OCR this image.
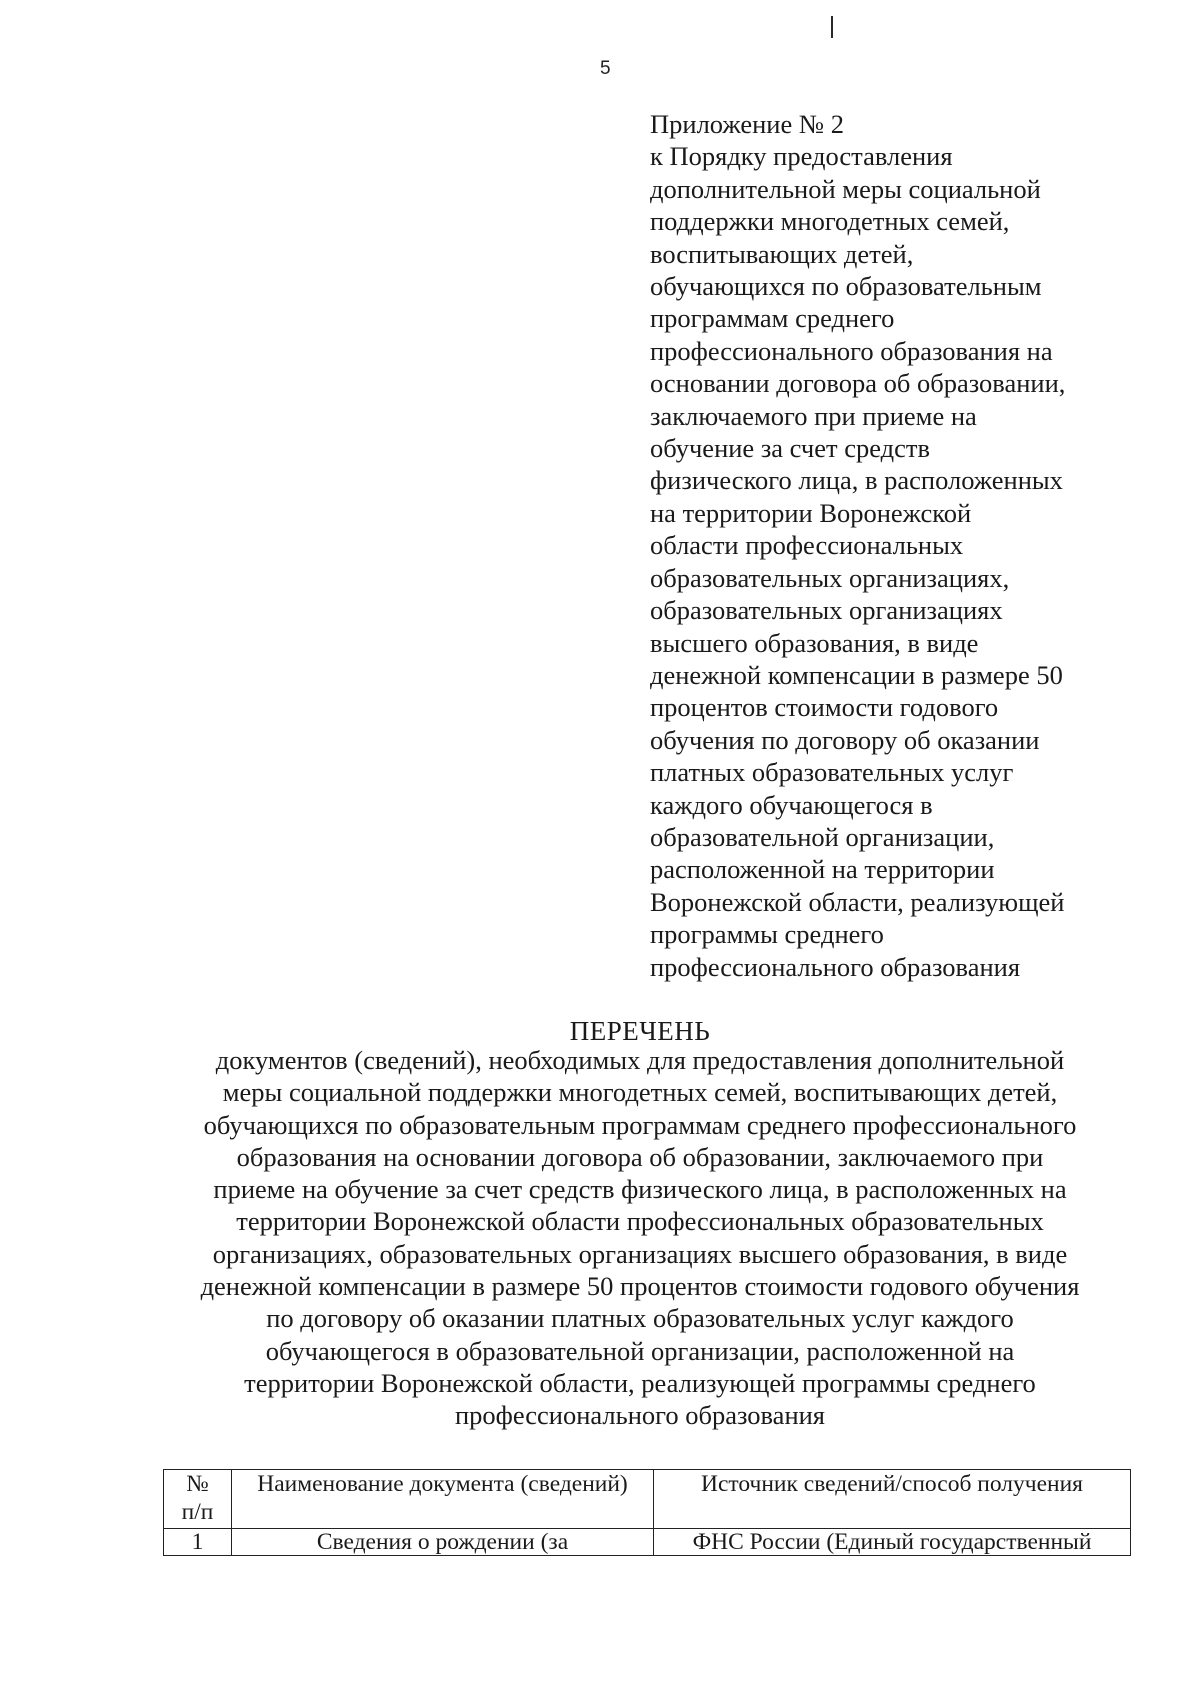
5
Приложение № 2
к Порядку предоставления
дополнительной меры социальной
поддержки многодетных семей,
воспитывающих детей,
обучающихся по образовательным
программам среднего
профессионального образования на
основании договора об образовании,
заключаемого при приеме на
обучение за счет средств
физического лица, в расположенных
на территории Воронежской
области профессиональных
образовательных организациях,
образовательных организациях
высшего образования, в виде
денежной компенсации в размере 50
процентов стоимости годового
обучения по договору об оказании
платных образовательных услуг
каждого обучающегося в
образовательной организации,
расположенной на территории
Воронежской области, реализующей
программы среднего
профессионального образования
ПЕРЕЧЕНЬ
документов (сведений), необходимых для предоставления дополнительной
меры социальной поддержки многодетных семей, воспитывающих детей,
обучающихся по образовательным программам среднего профессионального
образования на основании договора об образовании, заключаемого при
приеме на обучение за счет средств физического лица, в расположенных на
территории Воронежской области профессиональных образовательных
организациях, образовательных организациях высшего образования, в виде
денежной компенсации в размере 50 процентов стоимости годового обучения
по договору об оказании платных образовательных услуг каждого
обучающегося в образовательной организации, расположенной на
территории Воронежской области, реализующей программы среднего
профессионального образования
№
п/п	Наименование документа (сведений)	Источник сведений/способ получения
1	Сведения о рождении (за	ФНС России (Единый государственный
